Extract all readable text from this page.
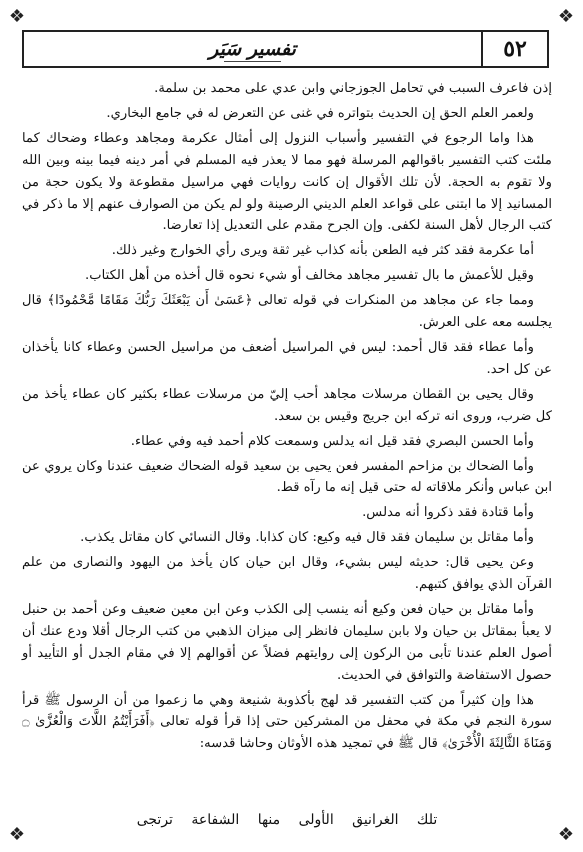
❖	❖
❖	❖
٥٢
تفسير سَيَر

إذن فاعرف السبب في تحامل الجوزجاني وابن عدي على محمد بن سلمة.

ولعمر العلم الحق إن الحديث بتواتره في غنى عن التعرض له في جامع البخاري.

هذا واما الرجوع في التفسير وأسباب النزول إلى أمثال عكرمة ومجاهد وعطاء وضحاك كما ملئت كتب التفسير باقوالهم المرسلة فهو مما لا يعذر فيه المسلم في أمر دينه فيما بينه وبين الله ولا تقوم به الحجة. لأن تلك الأقوال إن كانت روايات فهي مراسيل مقطوعة ولا يكون حجة من المسانيد إلا ما ابتنى على قواعد العلم الديني الرصينة ولو لم يكن من الصوارف عنهم إلا ما ذكر في كتب الرجال لأهل السنة لكفى. وإن الجرح مقدم على التعديل إذا تعارضا.

أما عكرمة فقد كثر فيه الطعن بأنه كذاب غير ثقة ويرى رأي الخوارج وغير ذلك.

وقيل للأعمش ما بال تفسير مجاهد مخالف أو شيء نحوه قال أخذه من أهل الكتاب.

ومما جاء عن مجاهد من المنكرات في قوله تعالى ﴿عَسَىٰ أَن يَبْعَثَكَ رَبُّكَ مَقَامًا مَّحْمُودًا﴾ قال يجلسه معه على العرش.

وأما عطاء فقد قال أحمد: ليس في المراسيل أضعف من مراسيل الحسن وعطاء كانا يأخذان عن كل احد.

وقال يحيى بن القطان مرسلات مجاهد أحب إليّ من مرسلات عطاء بكثير كان عطاء يأخذ من كل ضرب، وروى انه تركه ابن جريج وقيس بن سعد.

وأما الحسن البصري فقد قيل انه يدلس وسمعت كلام أحمد فيه وفي عطاء.

وأما الضحاك بن مزاحم المفسر فعن يحيى بن سعيد قوله الضحاك ضعيف عندنا وكان يروي عن ابن عباس وأنكر ملاقاته له حتى قيل إنه ما رآه قط.

وأما قتادة فقد ذكروا أنه مدلس.

وأما مقاتل بن سليمان فقد قال فيه وكيع: كان كذابا. وقال النسائي كان مقاتل يكذب.

وعن يحيى قال: حديثه ليس بشيء، وقال ابن حيان كان يأخذ من اليهود والنصارى من علم القرآن الذي يوافق كتبهم.

وأما مقاتل بن حيان فعن وكيع أنه ينسب إلى الكذب وعن ابن معين ضعيف وعن أحمد بن حنبل لا يعبأ بمقاتل بن حيان ولا بابن سليمان فانظر إلى ميزان الذهبي من كتب الرجال أقلا ودع عنك أن أصول العلم عندنا تأبى من الركون إلى روايتهم فضلاً عن أقوالهم إلا في مقام الجدل أو التأييد أو حصول الاستفاضة والتوافق في الحديث.

هذا وإن كثيراً من كتب التفسير قد لهج بأكذوبة شنيعة وهي ما زعموا من أن الرسول ﷺ قرأ سورة النجم في مكة في محفل من المشركين حتى إذا قرأ قوله تعالى ﴿أَفَرَأَيْتُمُ اللَّاتَ وَالْعُزَّىٰ ۝ وَمَنَاةَ الثَّالِثَةَ الْأُخْرَىٰ﴾ قال ﷺ في تمجيد هذه الأوثان وحاشا قدسه:

تلك الغرانيق الأولى منها الشفاعة ترتجى
